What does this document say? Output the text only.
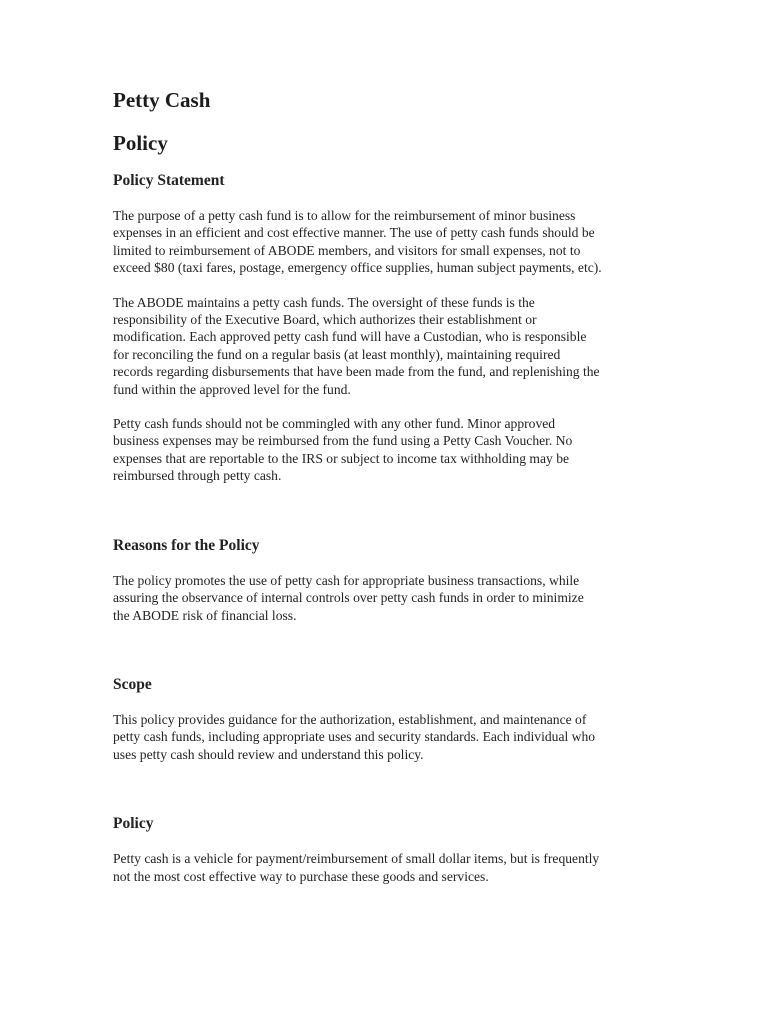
Petty Cash
Policy
Policy Statement

The purpose of a petty cash fund is to allow for the reimbursement of minor business
expenses in an efficient and cost effective manner. The use of petty cash funds should be
limited to reimbursement of ABODE members, and visitors for small expenses, not to
exceed $80 (taxi fares, postage, emergency office supplies, human subject payments, etc).

The ABODE maintains a petty cash funds. The oversight of these funds is the
responsibility of the Executive Board, which authorizes their establishment or
modification. Each approved petty cash fund will have a Custodian, who is responsible
for reconciling the fund on a regular basis (at least monthly), maintaining required
records regarding disbursements that have been made from the fund, and replenishing the
fund within the approved level for the fund.

Petty cash funds should not be commingled with any other fund. Minor approved
business expenses may be reimbursed from the fund using a Petty Cash Voucher. No
expenses that are reportable to the IRS or subject to income tax withholding may be
reimbursed through petty cash.

Reasons for the Policy

The policy promotes the use of petty cash for appropriate business transactions, while
assuring the observance of internal controls over petty cash funds in order to minimize
the ABODE risk of financial loss.

Scope

This policy provides guidance for the authorization, establishment, and maintenance of
petty cash funds, including appropriate uses and security standards. Each individual who
uses petty cash should review and understand this policy.

Policy

Petty cash is a vehicle for payment/reimbursement of small dollar items, but is frequently
not the most cost effective way to purchase these goods and services.
